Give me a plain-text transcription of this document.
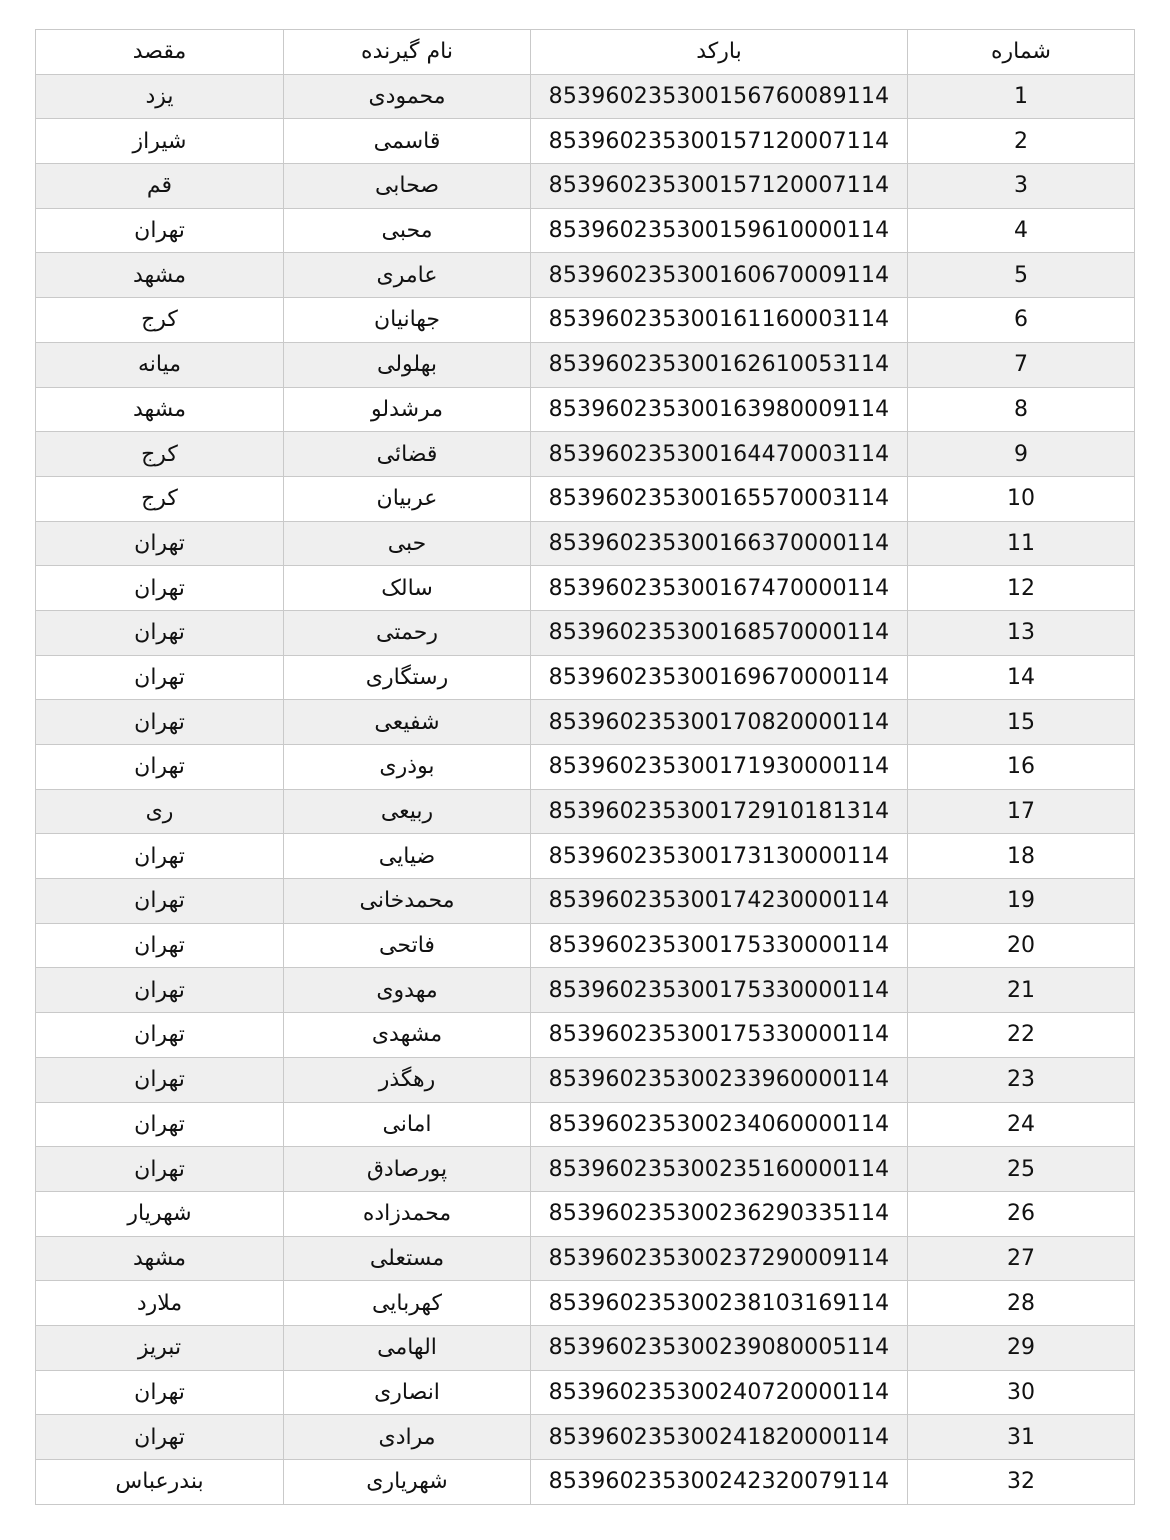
شماره	بارکد	نام گیرنده	مقصد
1	853960235300156760089114	محمودی	یزد
2	853960235300157120007114	قاسمی	شیراز
3	853960235300157120007114	صحابی	قم
4	853960235300159610000114	محبی	تهران
5	853960235300160670009114	عامری	مشهد
6	853960235300161160003114	جهانیان	کرج
7	853960235300162610053114	بهلولی	میانه
8	853960235300163980009114	مرشدلو	مشهد
9	853960235300164470003114	قضائی	کرج
10	853960235300165570003114	عربیان	کرج
11	853960235300166370000114	حبی	تهران
12	853960235300167470000114	سالک	تهران
13	853960235300168570000114	رحمتی	تهران
14	853960235300169670000114	رستگاری	تهران
15	853960235300170820000114	شفیعی	تهران
16	853960235300171930000114	بوذری	تهران
17	853960235300172910181314	ربیعی	ری
18	853960235300173130000114	ضیایی	تهران
19	853960235300174230000114	محمدخانی	تهران
20	853960235300175330000114	فاتحی	تهران
21	853960235300175330000114	مهدوی	تهران
22	853960235300175330000114	مشهدی	تهران
23	853960235300233960000114	رهگذر	تهران
24	853960235300234060000114	امانی	تهران
25	853960235300235160000114	پورصادق	تهران
26	853960235300236290335114	محمدزاده	شهریار
27	853960235300237290009114	مستعلی	مشهد
28	853960235300238103169114	کهربایی	ملارد
29	853960235300239080005114	الهامی	تبریز
30	853960235300240720000114	انصاری	تهران
31	853960235300241820000114	مرادی	تهران
32	853960235300242320079114	شهریاری	بندرعباس
